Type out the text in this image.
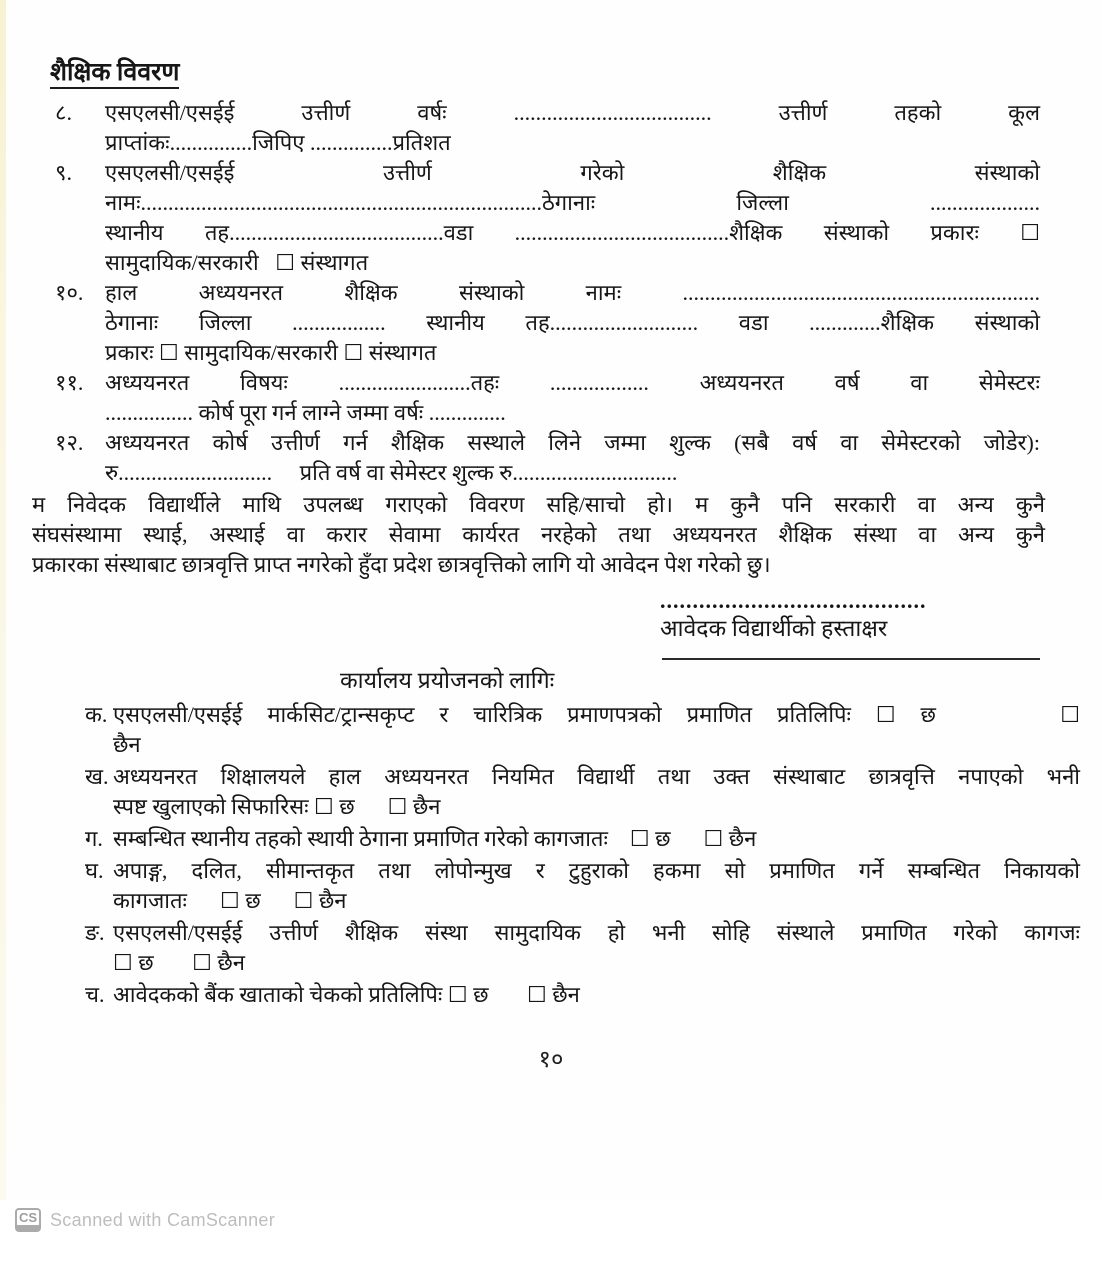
शैक्षिक विवरण
८.	एसएलसी/एसईई उत्तीर्ण वर्षः .................................... उत्तीर्ण तहको कूल
प्राप्तांकः...............जिपिए ...............प्रतिशत
९.	एसएलसी/एसईई उत्तीर्ण गरेको शैक्षिक संस्थाको
नामः.........................................................................ठेगानाः जिल्ला ....................
स्थानीय तह.......................................वडा .......................................शैक्षिक संस्थाको प्रकारः ☐
सामुदायिक/सरकारी   ☐ संस्थागत
१०. हाल अध्ययनरत शैक्षिक संस्थाको नामः .................................................................
ठेगानाः जिल्ला ................. स्थानीय तह........................... वडा .............शैक्षिक संस्थाको
प्रकारः ☐ सामुदायिक/सरकारी ☐ संस्थागत
११. अध्ययनरत विषयः ........................तहः .................. अध्ययनरत वर्ष वा सेमेस्टरः
................ कोर्ष पूरा गर्न लाग्ने जम्मा वर्षः ..............
१२. अध्ययनरत कोर्ष उत्तीर्ण गर्न शैक्षिक सस्थाले लिने जम्मा शुल्क (सबै वर्ष वा सेमेस्टरको जोडेर):
रु............................     प्रति वर्ष वा सेमेस्टर शुल्क रु..............................
म निवेदक विद्यार्थीले माथि उपलब्ध गराएको विवरण सहि/साचो हो। म कुनै पनि सरकारी वा अन्य कुनै
संघसंस्थामा स्थाई, अस्थाई वा करार सेवामा कार्यरत नरहेको तथा अध्ययनरत शैक्षिक संस्था वा अन्य कुनै
प्रकारका संस्थाबाट छात्रवृत्ति प्राप्त नगरेको हुँदा प्रदेश छात्रवृत्तिको लागि यो आवेदन पेश गरेको छु।
.........................................
आवेदक विद्यार्थीको हस्ताक्षर
कार्यालय प्रयोजनको लागिः
क. एसएलसी/एसईई मार्कसिट/ट्रान्सकृप्ट र चारित्रिक प्रमाणपत्रको प्रमाणित प्रतिलिपिः ☐ छ     ☐
छैन
ख. अध्ययनरत शिक्षालयले हाल अध्ययनरत नियमित विद्यार्थी तथा उक्त संस्थाबाट छात्रवृत्ति नपाएको भनी
स्पष्ट खुलाएको सिफारिसः ☐ छ      ☐ छैन
ग. सम्बन्धित स्थानीय तहको स्थायी ठेगाना प्रमाणित गरेको कागजातः    ☐ छ      ☐ छैन
घ. अपाङ्ग, दलित, सीमान्तकृत तथा लोपोन्मुख र टुहुराको हकमा सो प्रमाणित गर्ने सम्बन्धित निकायको
कागजातः      ☐ छ      ☐ छैन
ङ. एसएलसी/एसईई उत्तीर्ण शैक्षिक संस्था सामुदायिक हो भनी सोहि संस्थाले प्रमाणित गरेको कागजः
☐ छ       ☐ छैन
च. आवेदकको बैंक खाताको चेकको प्रतिलिपिः ☐ छ       ☐ छैन
१०
CS Scanned with CamScanner
